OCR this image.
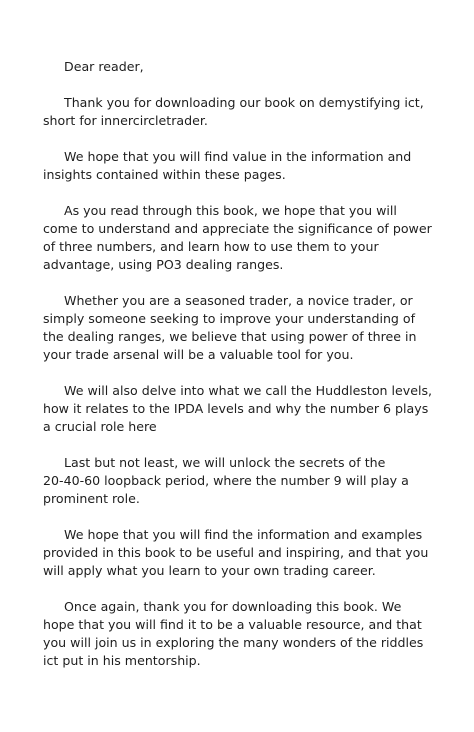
Dear reader,

Thank you for downloading our book on demystifying ict,
short for innercircletrader.

We hope that you will find value in the information and
insights contained within these pages.

As you read through this book, we hope that you will
come to understand and appreciate the significance of power
of three numbers, and learn how to use them to your
advantage, using PO3 dealing ranges.

Whether you are a seasoned trader, a novice trader, or
simply someone seeking to improve your understanding of
the dealing ranges, we believe that using power of three in
your trade arsenal will be a valuable tool for you.

We will also delve into what we call the Huddleston levels,
how it relates to the IPDA levels and why the number 6 plays
a crucial role here

Last but not least, we will unlock the secrets of the
20-40-60 loopback period, where the number 9 will play a
prominent role.

We hope that you will find the information and examples
provided in this book to be useful and inspiring, and that you
will apply what you learn to your own trading career.

Once again, thank you for downloading this book. We
hope that you will find it to be a valuable resource, and that
you will join us in exploring the many wonders of the riddles
ict put in his mentorship.
